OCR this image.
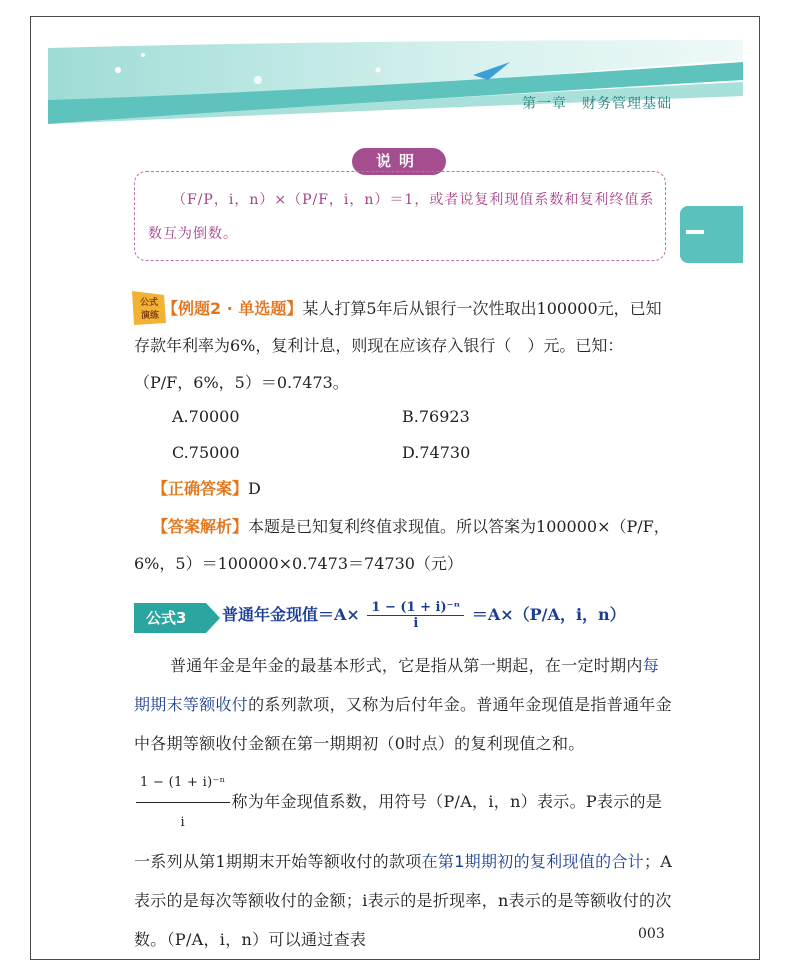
第一章　财务管理基础
说明
（F/P，i，n）×（P/F，i，n）＝1，或者说复利现值系数和复利终值系数互为倒数。
公式
演练 【例题2 · 单选题】某人打算5年后从银行一次性取出100000元，已知存款年利率为6%，复利计息，则现在应该存入银行（　）元。已知：（P/F，6%，5）＝0.7473。
A.70000	B.76923
C.75000	D.74730
【正确答案】D
【答案解析】本题是已知复利终值求现值。所以答案为100000×（P/F，6%，5）＝100000×0.7473＝74730（元）
公式3	普通年金现值$=A\times \frac{\text{1 − (1 + i)⁻ⁿ}}{i} =A\times(P/A$，i，n）
普通年金是年金的最基本形式，它是指从第一期起，在一定时期内每期期末等额收付的系列款项，又称为后付年金。普通年金现值是指普通年金中各期等额收付金额在第一期期初（0时点）的复利现值之和。
$\frac{\text{1 − (1 + i)⁻ⁿ}}{i}$ 称为年金现值系数，用符号（P/A，i，n）表示。P表示的是一系列从第1期期末开始等额收付的款项在第1期期初的复利现值的合计；A表示的是每次等额收付的金额；i表示的是折现率，n表示的是等额收付的次数。（P/A，i，n）可以通过查表	003
